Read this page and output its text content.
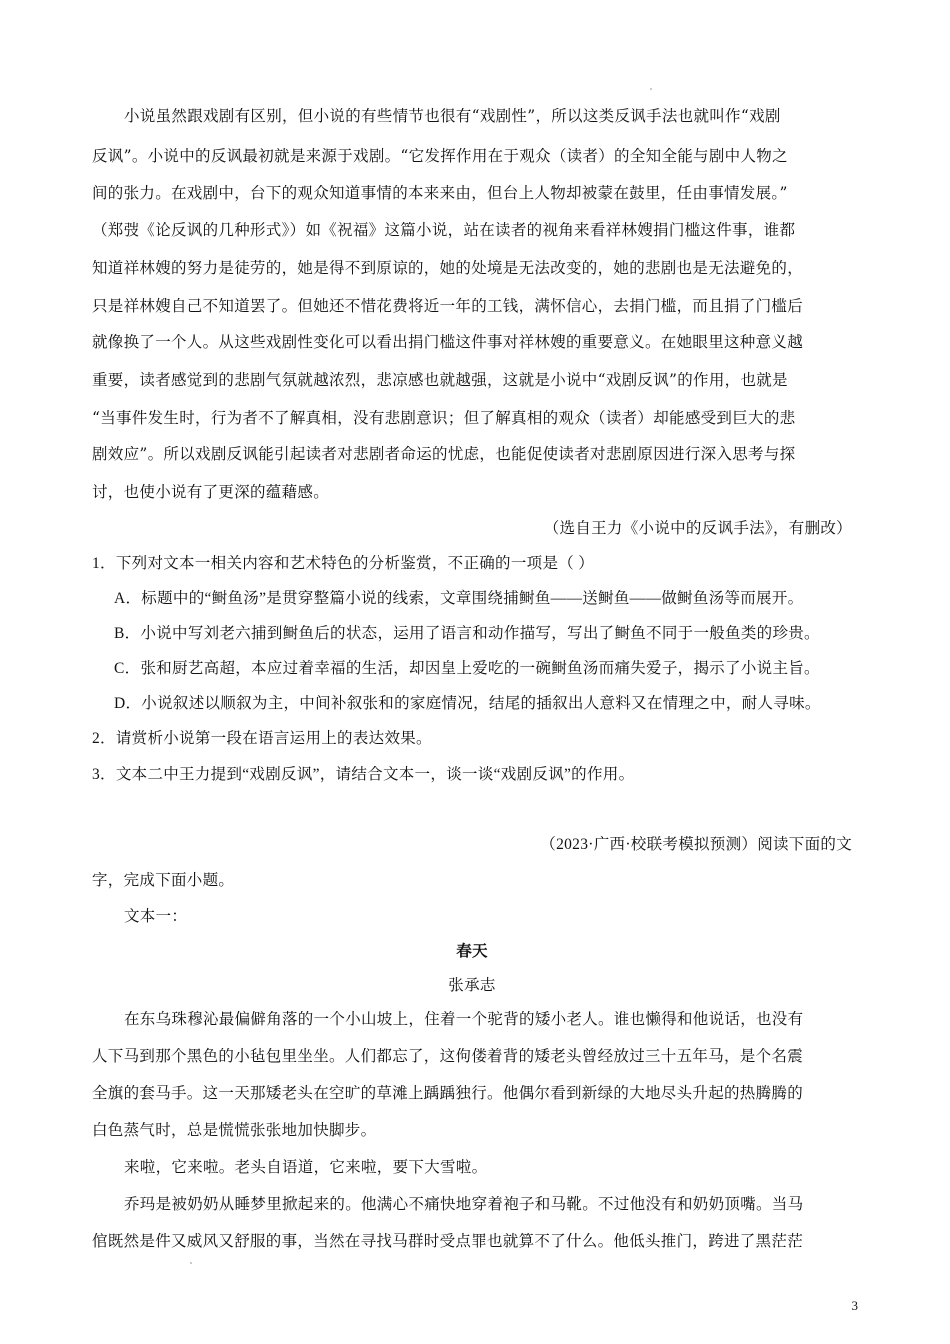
小说虽然跟戏剧有区别，但小说的有些情节也很有“戏剧性”，所以这类反讽手法也就叫作“戏剧
反讽”。小说中的反讽最初就是来源于戏剧。“它发挥作用在于观众（读者）的全知全能与剧中人物之
间的张力。在戏剧中，台下的观众知道事情的本来来由，但台上人物却被蒙在鼓里，任由事情发展。”
（郑弢《论反讽的几种形式》）如《祝福》这篇小说，站在读者的视角来看祥林嫂捐门槛这件事，谁都
知道祥林嫂的努力是徒劳的，她是得不到原谅的，她的处境是无法改变的，她的悲剧也是无法避免的，
只是祥林嫂自己不知道罢了。但她还不惜花费将近一年的工钱，满怀信心，去捐门槛，而且捐了门槛后
就像换了一个人。从这些戏剧性变化可以看出捐门槛这件事对祥林嫂的重要意义。在她眼里这种意义越
重要，读者感觉到的悲剧气氛就越浓烈，悲凉感也就越强，这就是小说中“戏剧反讽”的作用，也就是
“当事件发生时，行为者不了解真相，没有悲剧意识；但了解真相的观众（读者）却能感受到巨大的悲
剧效应”。所以戏剧反讽能引起读者对悲剧者命运的忧虑，也能促使读者对悲剧原因进行深入思考与探
讨，也使小说有了更深的蕴藉感。
（选自王力《小说中的反讽手法》，有删改）
1．下列对文本一相关内容和艺术特色的分析鉴赏，不正确的一项是（ ）
A．标题中的“鲥鱼汤”是贯穿整篇小说的线索，文章围绕捕鲥鱼——送鲥鱼——做鲥鱼汤等而展开。
B．小说中写刘老六捕到鲥鱼后的状态，运用了语言和动作描写，写出了鲥鱼不同于一般鱼类的珍贵。
C．张和厨艺高超，本应过着幸福的生活，却因皇上爱吃的一碗鲥鱼汤而痛失爱子，揭示了小说主旨。
D．小说叙述以顺叙为主，中间补叙张和的家庭情况，结尾的插叙出人意料又在情理之中，耐人寻味。
2．请赏析小说第一段在语言运用上的表达效果。
3．文本二中王力提到“戏剧反讽”，请结合文本一，谈一谈“戏剧反讽”的作用。
（2023·广西·校联考模拟预测）阅读下面的文
字，完成下面小题。
文本一：
春天
张承志
在东乌珠穆沁最偏僻角落的一个小山坡上，住着一个驼背的矮小老人。谁也懒得和他说话，也没有
人下马到那个黑色的小毡包里坐坐。人们都忘了，这佝偻着背的矮老头曾经放过三十五年马，是个名震
全旗的套马手。这一天那矮老头在空旷的草滩上踽踽独行。他偶尔看到新绿的大地尽头升起的热腾腾的
白色蒸气时，总是慌慌张张地加快脚步。
来啦，它来啦。老头自语道，它来啦，要下大雪啦。
乔玛是被奶奶从睡梦里掀起来的。他满心不痛快地穿着袍子和马靴。不过他没有和奶奶顶嘴。当马
倌既然是件又威风又舒服的事，当然在寻找马群时受点罪也就算不了什么。他低头推门，跨进了黑茫茫
3
